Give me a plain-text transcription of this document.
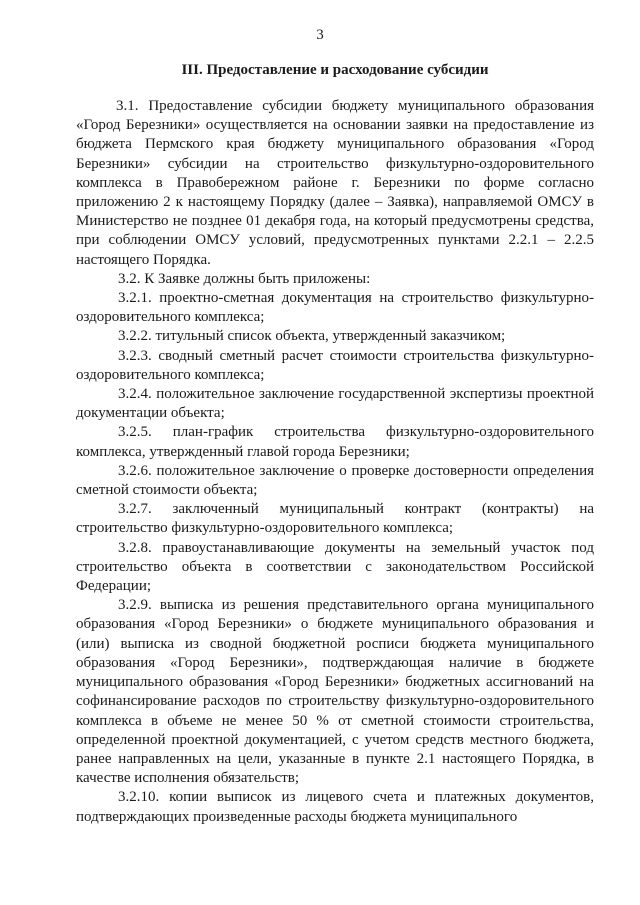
3
III. Предоставление и расходование субсидии

3.1. Предоставление субсидии бюджету муниципального образования «Город Березники» осуществляется на основании заявки на предоставление из бюджета Пермского края бюджету муниципального образования «Город Березники» субсидии на строительство физкультурно-оздоровительного комплекса в Правобережном районе г. Березники по форме согласно приложению 2 к настоящему Порядку (далее – Заявка), направляемой ОМСУ в Министерство не позднее 01 декабря года, на который предусмотрены средства, при соблюдении ОМСУ условий, предусмотренных пунктами 2.2.1 – 2.2.5 настоящего Порядка.

3.2. К Заявке должны быть приложены:

3.2.1. проектно-сметная документация на строительство физкультурно-оздоровительного комплекса;

3.2.2. титульный список объекта, утвержденный заказчиком;

3.2.3. сводный сметный расчет стоимости строительства физкультурно-оздоровительного комплекса;

3.2.4. положительное заключение государственной экспертизы проектной документации объекта;

3.2.5. план-график строительства физкультурно-оздоровительного комплекса, утвержденный главой города Березники;

3.2.6. положительное заключение о проверке достоверности определения сметной стоимости объекта;

3.2.7. заключенный муниципальный контракт (контракты) на строительство физкультурно-оздоровительного комплекса;

3.2.8. правоустанавливающие документы на земельный участок под строительство объекта в соответствии с законодательством Российской Федерации;

3.2.9. выписка из решения представительного органа муниципального образования «Город Березники» о бюджете муниципального образования и (или) выписка из сводной бюджетной росписи бюджета муниципального образования «Город Березники», подтверждающая наличие в бюджете муниципального образования «Город Березники» бюджетных ассигнований на софинансирование расходов по строительству физкультурно-оздоровительного комплекса в объеме не менее 50 % от сметной стоимости строительства, определенной проектной документацией, с учетом средств местного бюджета, ранее направленных на цели, указанные в пункте 2.1 настоящего Порядка, в качестве исполнения обязательств;

3.2.10. копии выписок из лицевого счета и платежных документов, подтверждающих произведенные расходы бюджета муниципального
